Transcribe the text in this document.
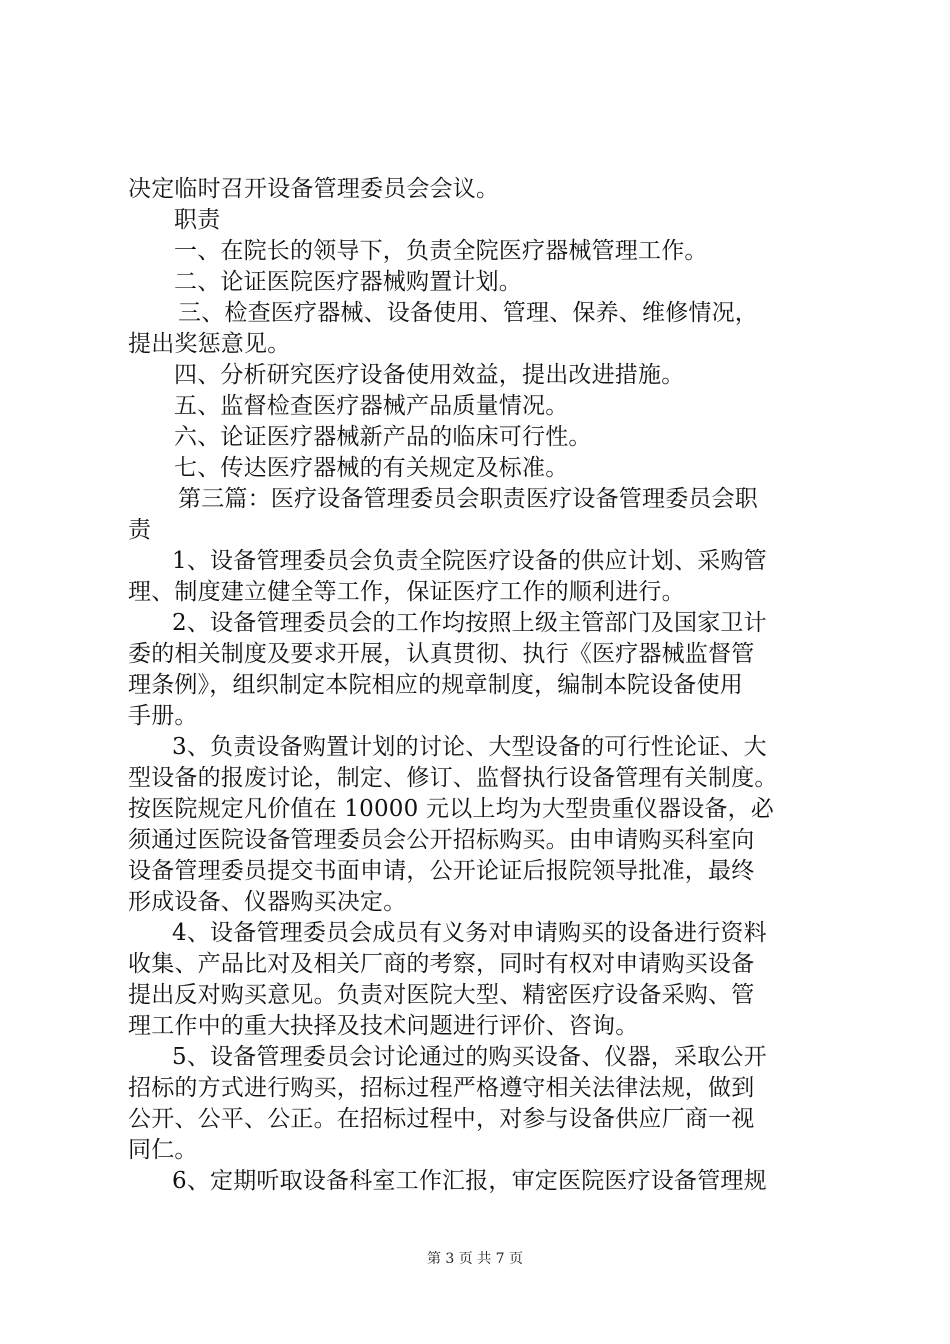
决定临时召开设备管理委员会会议。
职责
一、在院长的领导下，负责全院医疗器械管理工作。
二、论证医院医疗器械购置计划。
三、检查医疗器械、设备使用、管理、保养、维修情况，
提出奖惩意见。
四、分析研究医疗设备使用效益，提出改进措施。
五、监督检查医疗器械产品质量情况。
六、论证医疗器械新产品的临床可行性。
七、传达医疗器械的有关规定及标准。
第三篇：医疗设备管理委员会职责医疗设备管理委员会职
责
1、设备管理委员会负责全院医疗设备的供应计划、采购管
理、制度建立健全等工作，保证医疗工作的顺利进行。
2、设备管理委员会的工作均按照上级主管部门及国家卫计
委的相关制度及要求开展，认真贯彻、执行《医疗器械监督管
理条例》，组织制定本院相应的规章制度，编制本院设备使用
手册。
3、负责设备购置计划的讨论、大型设备的可行性论证、大
型设备的报废讨论，制定、修订、监督执行设备管理有关制度。
按医院规定凡价值在 10000 元以上均为大型贵重仪器设备，必
须通过医院设备管理委员会公开招标购买。由申请购买科室向
设备管理委员提交书面申请，公开论证后报院领导批准，最终
形成设备、仪器购买决定。
4、设备管理委员会成员有义务对申请购买的设备进行资料
收集、产品比对及相关厂商的考察，同时有权对申请购买设备
提出反对购买意见。负责对医院大型、精密医疗设备采购、管
理工作中的重大抉择及技术问题进行评价、咨询。
5、设备管理委员会讨论通过的购买设备、仪器，采取公开
招标的方式进行购买，招标过程严格遵守相关法律法规，做到
公开、公平、公正。在招标过程中，对参与设备供应厂商一视
同仁。
6、定期听取设备科室工作汇报，审定医院医疗设备管理规
第 3 页 共 7 页
